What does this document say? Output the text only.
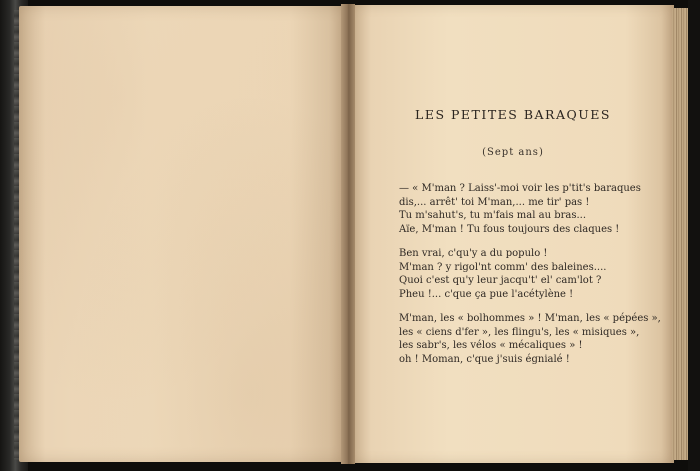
LES PETITES BARAQUES
(Sept ans)
— « M'man ? Laiss'-moi voir les p'tit's baraques
dis,... arrêt' toi M'man,... me tir' pas !
Tu m'sahut's, tu m'fais mal au bras...
Aïe, M'man ! Tu fous toujours des claques !
Ben vrai, c'qu'y a du populo !
M'man ? y rigol'nt comm' des baleines....
Quoi c'est qu'y leur jacqu't' el' cam'lot ?
Pheu !... c'que ça pue l'acétylène !
M'man, les « bolhommes » ! M'man, les « pépées »,
les « ciens d'fer », les flingu's, les « misiques »,
les sabr's, les vélos « mécaliques » !
oh ! Moman, c'que j'suis égnialé !
